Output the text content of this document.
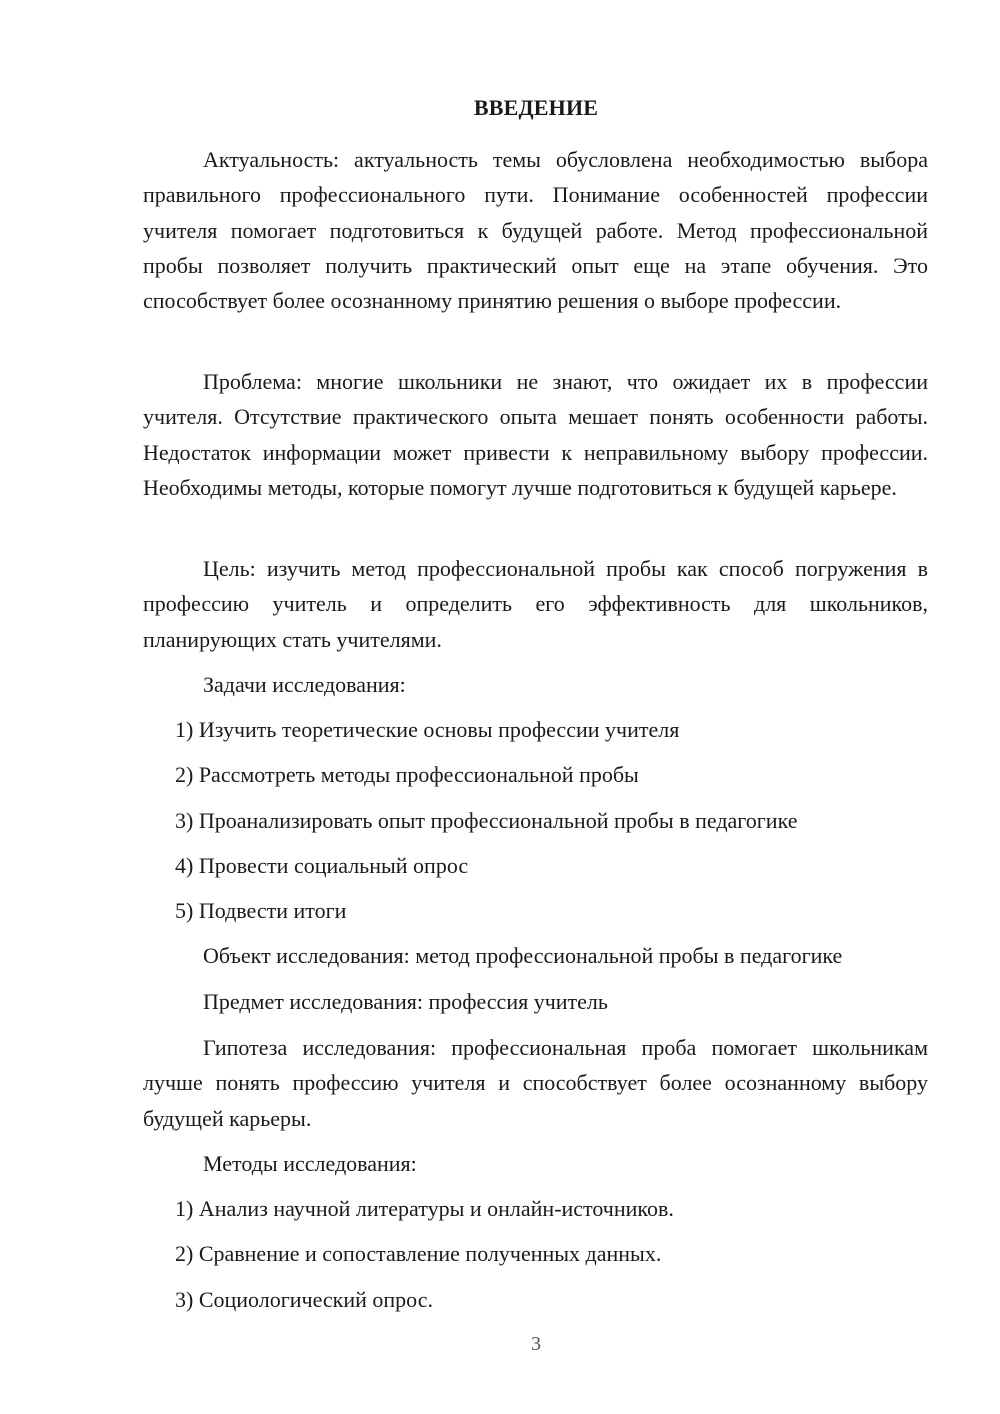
ВВЕДЕНИЕ

Актуальность: актуальность темы обусловлена необходимостью выбора правильного профессионального пути. Понимание особенностей профессии учителя помогает подготовиться к будущей работе. Метод профессиональной пробы позволяет получить практический опыт еще на этапе обучения. Это способствует более осознанному принятию решения о выборе профессии.

Проблема: многие школьники не знают, что ожидает их в профессии учителя. Отсутствие практического опыта мешает понять особенности работы. Недостаток информации может привести к неправильному выбору профессии. Необходимы методы, которые помогут лучше подготовиться к будущей карьере.

Цель: изучить метод профессиональной пробы как способ погружения в профессию учитель и определить его эффективность для школьников, планирующих стать учителями.

Задачи исследования:

1) Изучить теоретические основы профессии учителя

2) Рассмотреть методы профессиональной пробы

3) Проанализировать опыт профессиональной пробы в педагогике

4) Провести социальный опрос

5) Подвести итоги

Объект исследования: метод профессиональной пробы в педагогике

Предмет исследования: профессия учитель

Гипотеза исследования: профессиональная проба помогает школьникам лучше понять профессию учителя и способствует более осознанному выбору будущей карьеры.

Методы исследования:

1) Анализ научной литературы и онлайн-источников.

2) Сравнение и сопоставление полученных данных.

3) Социологический опрос.

3
